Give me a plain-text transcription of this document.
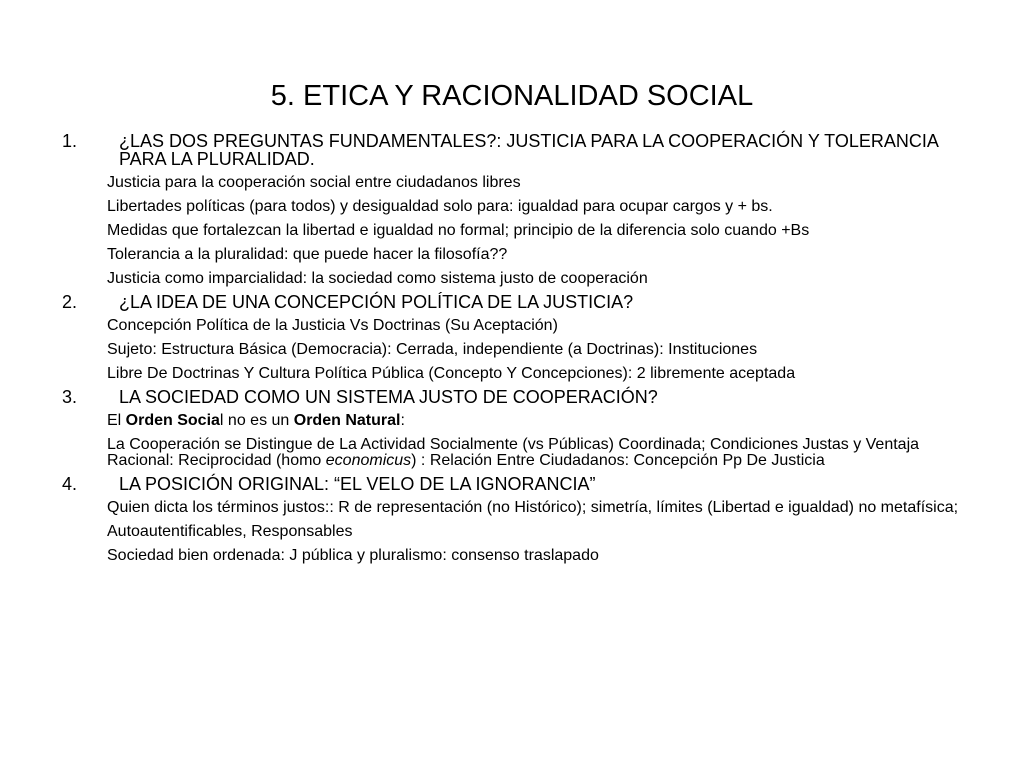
5. ETICA Y RACIONALIDAD SOCIAL
1. ¿LAS DOS PREGUNTAS FUNDAMENTALES?: JUSTICIA PARA LA COOPERACIÓN Y TOLERANCIA PARA LA PLURALIDAD.
Justicia para la cooperación social entre ciudadanos libres
Libertades políticas (para todos) y desigualdad solo para: igualdad para ocupar cargos y + bs.
Medidas que fortalezcan la libertad e igualdad no formal; principio de la diferencia solo cuando +Bs
Tolerancia a la pluralidad: que puede hacer la filosofía??
Justicia como imparcialidad: la sociedad como sistema justo de cooperación
2. ¿LA IDEA DE UNA CONCEPCIÓN POLÍTICA DE LA JUSTICIA?
Concepción Política de la Justicia Vs Doctrinas (Su Aceptación)
Sujeto: Estructura Básica (Democracia): Cerrada, independiente (a Doctrinas): Instituciones
Libre De Doctrinas Y Cultura Política Pública (Concepto Y Concepciones): 2 libremente aceptada
3. LA SOCIEDAD COMO UN SISTEMA JUSTO DE COOPERACIÓN?
El Orden Social no es un Orden Natural:
La Cooperación se Distingue de La Actividad Socialmente (vs Públicas) Coordinada; Condiciones Justas y Ventaja Racional: Reciprocidad (homo economicus) : Relación Entre Ciudadanos: Concepción Pp De Justicia
4. LA POSICIÓN ORIGINAL: “EL VELO DE LA IGNORANCIA”
Quien dicta los términos justos:: R de representación (no Histórico); simetría, límites (Libertad e igualdad) no metafísica;
Autoautentificables, Responsables
Sociedad bien ordenada: J pública y pluralismo: consenso traslapado
